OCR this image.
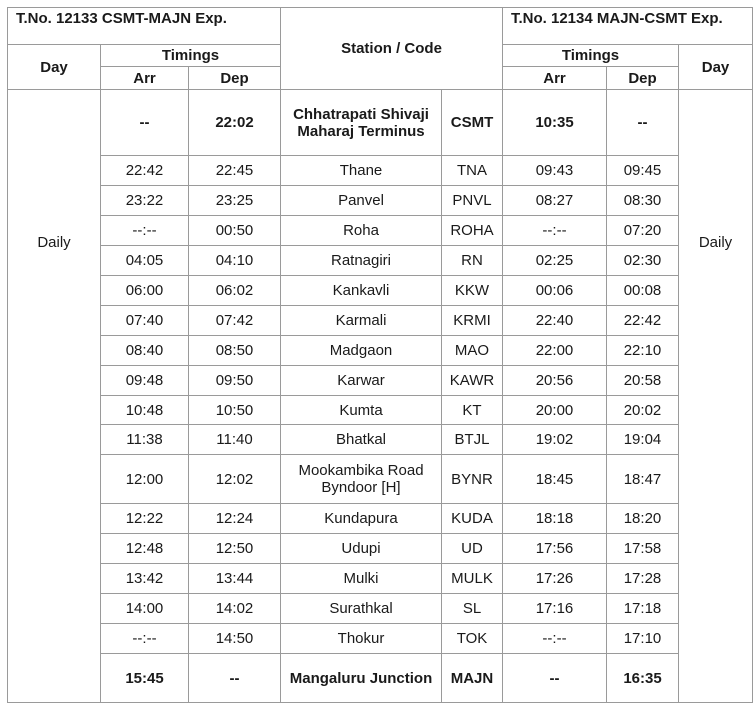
T.No. 12133 CSMT-MAJN Exp.			Station / Code		T.No. 12134 MAJN-CSMT Exp.		
Day	Timings				Timings		Day
	Arr	Dep			Arr	Dep	
Daily	--	22:02	Chhatrapati Shivaji Maharaj Terminus	CSMT	10:35	--	Daily
	22:42	22:45	Thane	TNA	09:43	09:45	
	23:22	23:25	Panvel	PNVL	08:27	08:30	
	--:--	00:50	Roha	ROHA	--:--	07:20	
	04:05	04:10	Ratnagiri	RN	02:25	02:30	
	06:00	06:02	Kankavli	KKW	00:06	00:08	
	07:40	07:42	Karmali	KRMI	22:40	22:42	
	08:40	08:50	Madgaon	MAO	22:00	22:10	
	09:48	09:50	Karwar	KAWR	20:56	20:58	
	10:48	10:50	Kumta	KT	20:00	20:02	
	11:38	11:40	Bhatkal	BTJL	19:02	19:04	
	12:00	12:02	Mookambika Road Byndoor [H]	BYNR	18:45	18:47	
	12:22	12:24	Kundapura	KUDA	18:18	18:20	
	12:48	12:50	Udupi	UD	17:56	17:58	
	13:42	13:44	Mulki	MULK	17:26	17:28	
	14:00	14:02	Surathkal	SL	17:16	17:18	
	--:--	14:50	Thokur	TOK	--:--	17:10	
	15:45	--	Mangaluru Junction	MAJN	--	16:35	
